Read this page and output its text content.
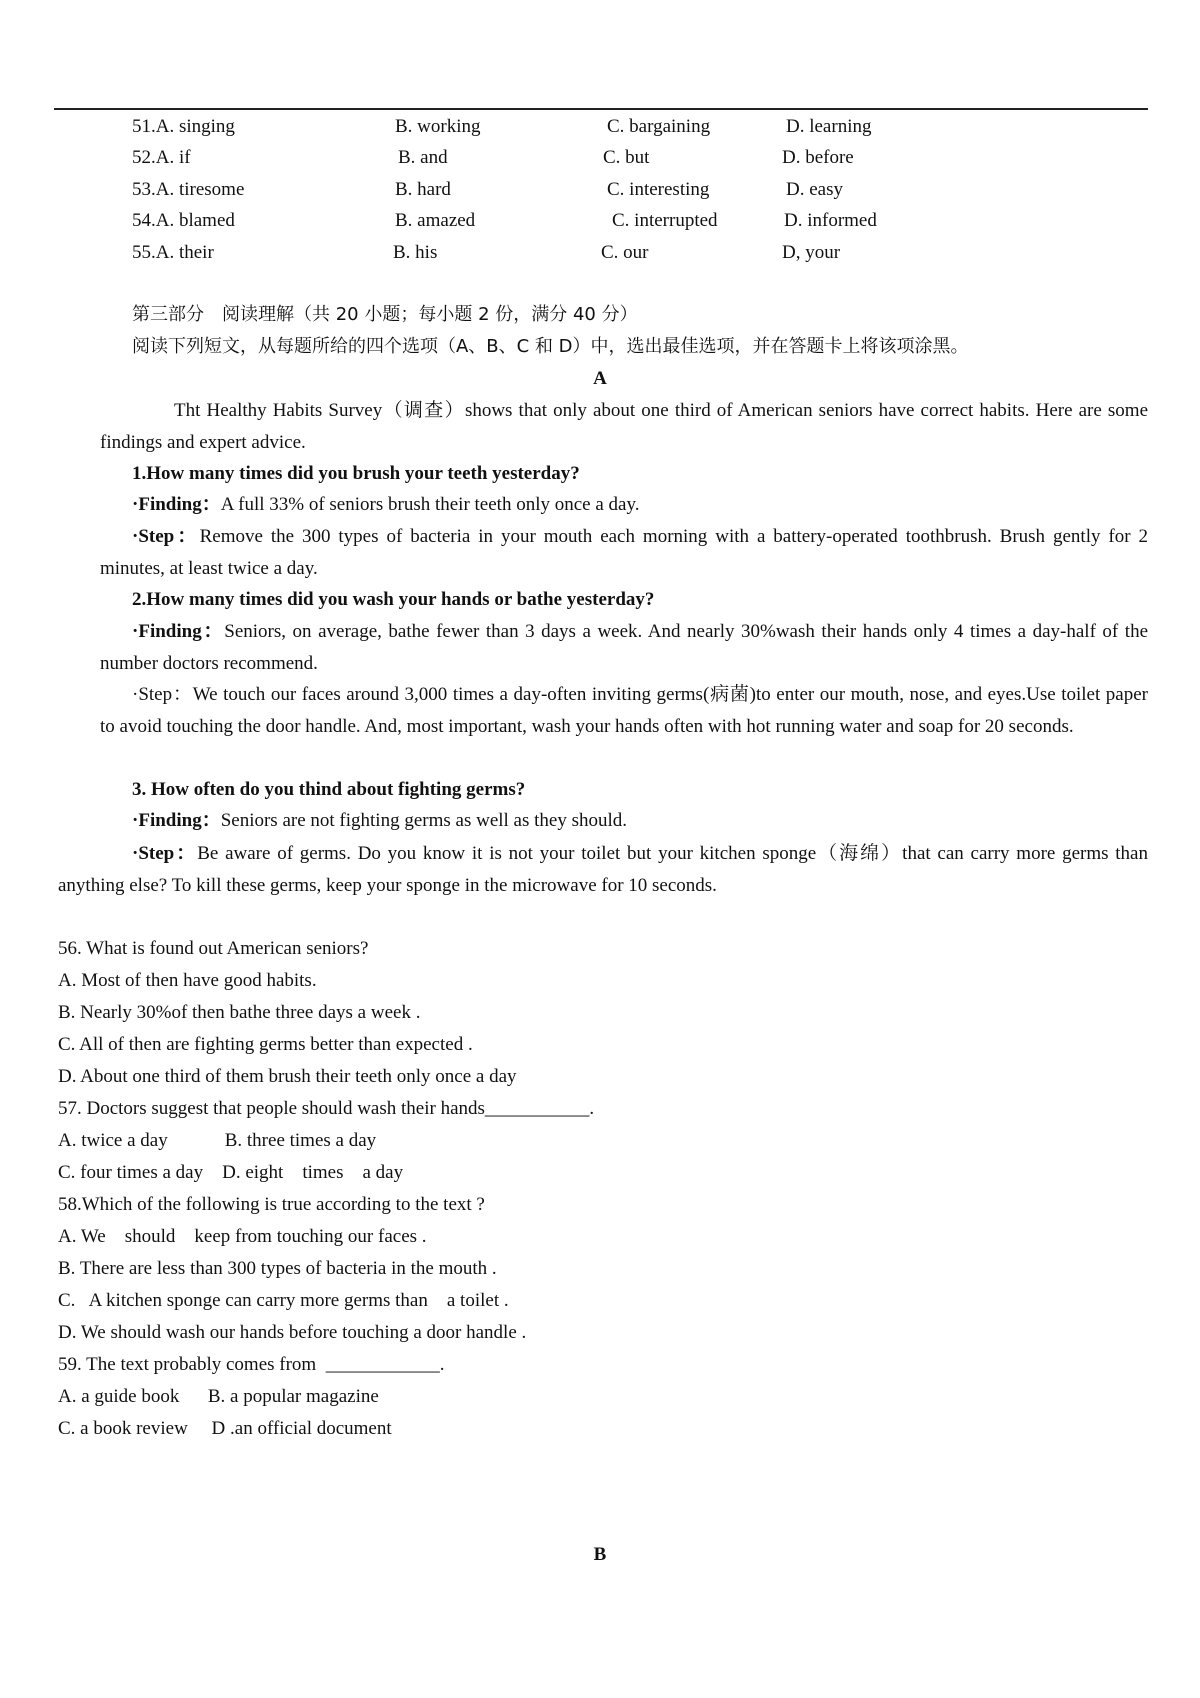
51.A. singing	B. working	C. bargaining	D. learning
52.A. if	B. and	C. but	D. before
53.A. tiresome	B. hard	C. interesting	D. easy
54.A. blamed	B. amazed	C. interrupted	D. informed
55.A. their	B. his	C. our	D, your
第三部分　阅读理解（共 20 小题；每小题 2 份，满分 40 分）
阅读下列短文，从每题所给的四个选项（A、B、C 和 D）中，选出最佳选项，并在答题卡上将该项涂黑。
A
Tht Healthy Habits Survey（调查）shows that only about one third of American seniors have correct habits. Here are some findings and expert advice.
1.How many times did you brush your teeth yesterday?
·Finding：A full 33% of seniors brush their teeth only once a day.
·Step：Remove the 300 types of bacteria in your mouth each morning with a battery-operated toothbrush. Brush gently for 2 minutes, at least twice a day.
2.How many times did you wash your hands or bathe yesterday?
·Finding：Seniors, on average, bathe fewer than 3 days a week. And nearly 30%wash their hands only 4 times a day-half of the number doctors recommend.
·Step：We touch our faces around 3,000 times a day-often inviting germs(病菌)to enter our mouth, nose, and eyes.Use toilet paper to avoid touching the door handle. And, most important, wash your hands often with hot running water and soap for 20 seconds.
3. How often do you thind about fighting germs?
·Finding：Seniors are not fighting germs as well as they should.
·Step：Be aware of germs. Do you know it is not your toilet but your kitchen sponge（海绵）that can carry more germs than anything else? To kill these germs, keep your sponge in the microwave for 10 seconds.
56. What is found out American seniors?
A. Most of then have good habits.
B. Nearly 30%of then bathe three days a week .
C. All of then are fighting germs better than expected .
D. About one third of them brush their teeth only once a day
57. Doctors suggest that people should wash their hands___________.
A. twice a day            B. three times a day
C. four times a day    D. eight    times    a day
58.Which of the following is true according to the text ?
A. We    should    keep from touching our faces .
B. There are less than 300 types of bacteria in the mouth .
C.   A kitchen sponge can carry more germs than    a toilet .
D. We should wash our hands before touching a door handle .
59. The text probably comes from  ____________.
A. a guide book      B. a popular magazine
C. a book review     D .an official document
B
